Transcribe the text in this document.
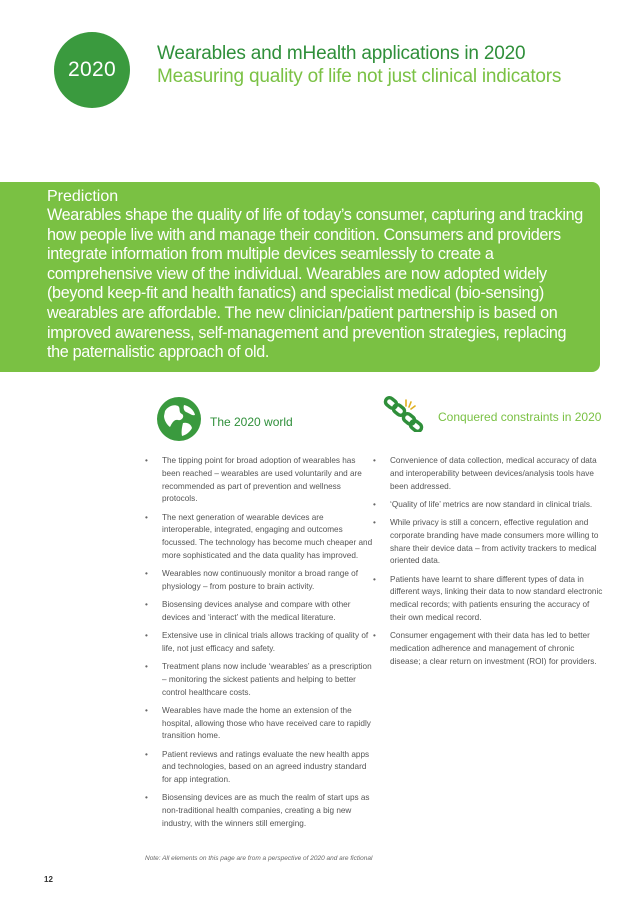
2020
Wearables and mHealth applications in 2020
Measuring quality of life not just clinical indicators
Prediction
Wearables shape the quality of life of today’s consumer, capturing and tracking how people live with and manage their condition. Consumers and providers integrate information from multiple devices seamlessly to create a comprehensive view of the individual. Wearables are now adopted widely (beyond keep-fit and health fanatics) and specialist medical (bio-sensing) wearables are affordable. The new clinician/patient partnership is based on improved awareness, self-management and prevention strategies, replacing the paternalistic approach of old.
The 2020 world	Conquered constraints in 2020
• The tipping point for broad adoption of wearables has been reached – wearables are used voluntarily and are recommended as part of prevention and wellness protocols.
• The next generation of wearable devices are interoperable, integrated, engaging and outcomes focussed. The technology has become much cheaper and more sophisticated and the data quality has improved.
• Wearables now continuously monitor a broad range of physiology – from posture to brain activity.
• Biosensing devices analyse and compare with other devices and ‘interact’ with the medical literature.
• Extensive use in clinical trials allows tracking of quality of life, not just efficacy and safety.
• Treatment plans now include ‘wearables’ as a prescription – monitoring the sickest patients and helping to better control healthcare costs.
• Wearables have made the home an extension of the hospital, allowing those who have received care to rapidly transition home.
• Patient reviews and ratings evaluate the new health apps and technologies, based on an agreed industry standard for app integration.
• Biosensing devices are as much the realm of start ups as non-traditional health companies, creating a big new industry, with the winners still emerging.
• Convenience of data collection, medical accuracy of data and interoperability between devices/analysis tools have been addressed.
• ‘Quality of life’ metrics are now standard in clinical trials.
• While privacy is still a concern, effective regulation and corporate branding have made consumers more willing to share their device data – from activity trackers to medical oriented data.
• Patients have learnt to share different types of data in different ways, linking their data to now standard electronic medical records; with patients ensuring the accuracy of their own medical record.
• Consumer engagement with their data has led to better medication adherence and management of chronic disease; a clear return on investment (ROI) for providers.
Note: All elements on this page are from a perspective of 2020 and are fictional
12
